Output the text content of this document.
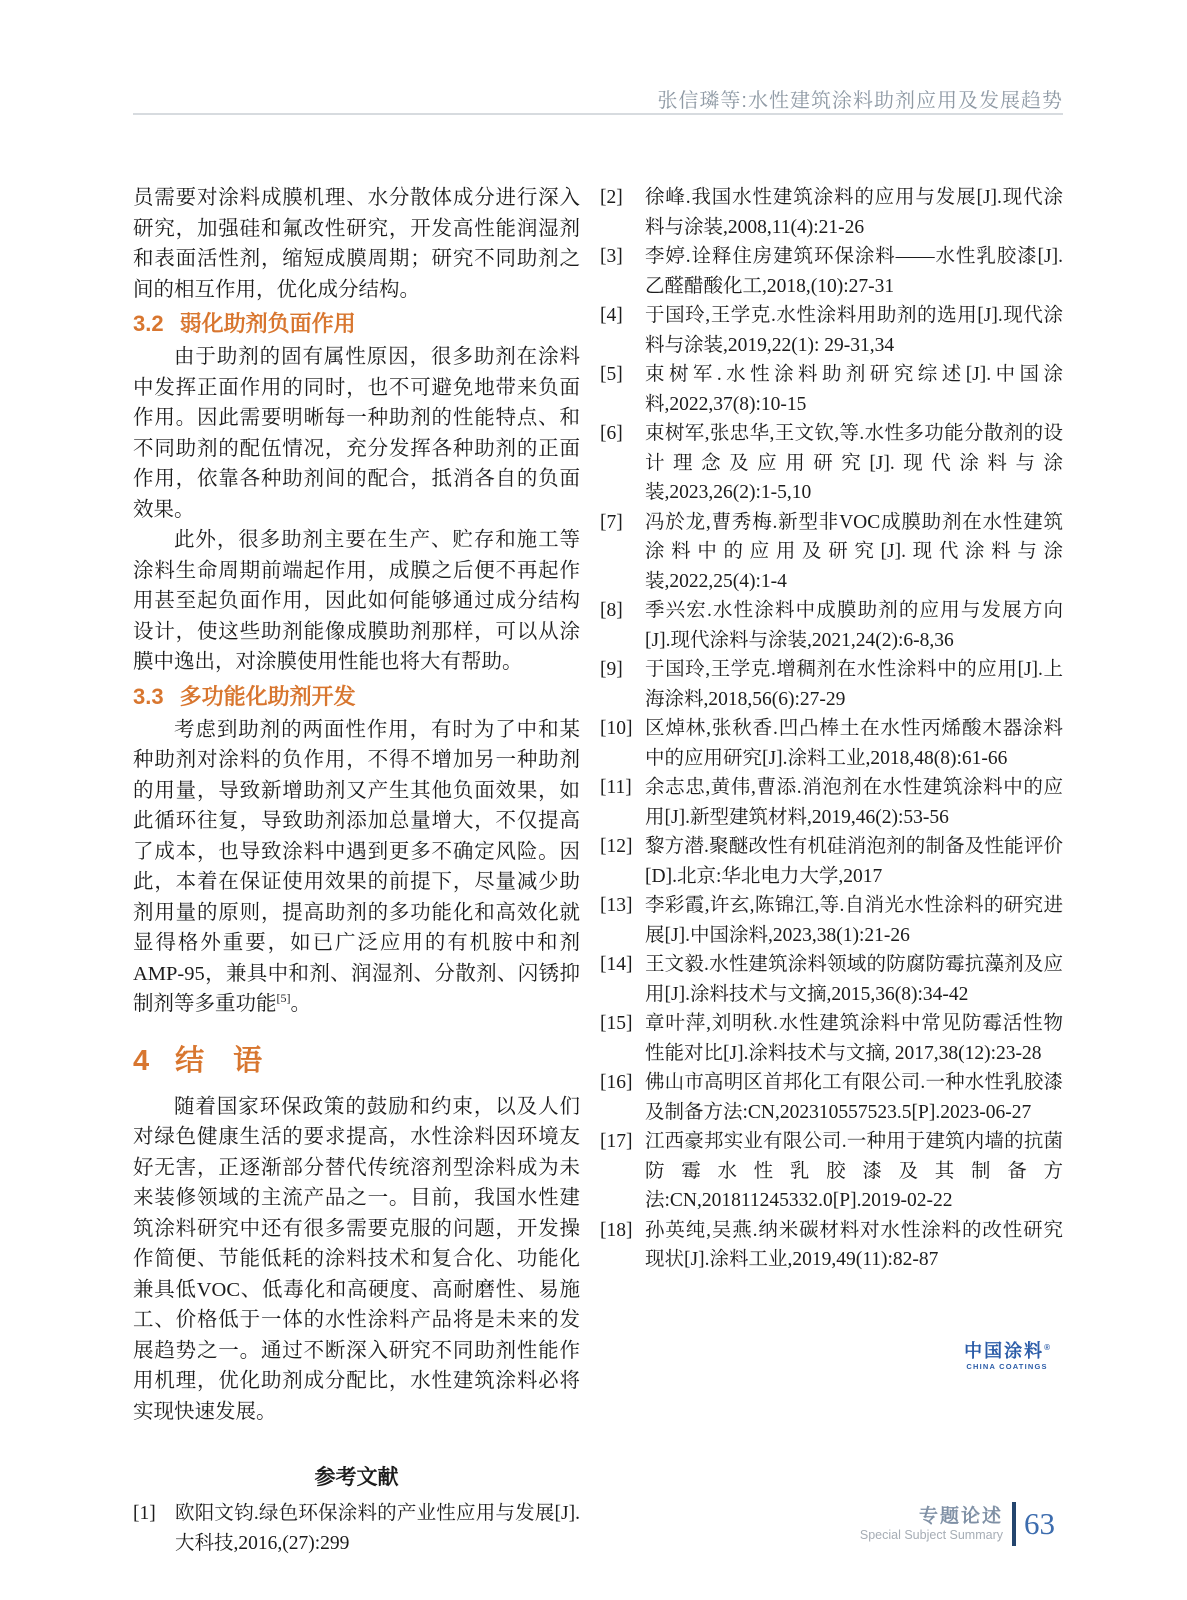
张信璘等:水性建筑涂料助剂应用及发展趋势

员需要对涂料成膜机理、水分散体成分进行深入研究，加强硅和氟改性研究，开发高性能润湿剂和表面活性剂，缩短成膜周期；研究不同助剂之间的相互作用，优化成分结构。

3.2 弱化助剂负面作用

由于助剂的固有属性原因，很多助剂在涂料中发挥正面作用的同时，也不可避免地带来负面作用。因此需要明晰每一种助剂的性能特点、和不同助剂的配伍情况，充分发挥各种助剂的正面作用，依靠各种助剂间的配合，抵消各自的负面效果。

此外，很多助剂主要在生产、贮存和施工等涂料生命周期前端起作用，成膜之后便不再起作用甚至起负面作用，因此如何能够通过成分结构设计，使这些助剂能像成膜助剂那样，可以从涂膜中逸出，对涂膜使用性能也将大有帮助。

3.3 多功能化助剂开发

考虑到助剂的两面性作用，有时为了中和某种助剂对涂料的负作用，不得不增加另一种助剂的用量，导致新增助剂又产生其他负面效果，如此循环往复，导致助剂添加总量增大，不仅提高了成本，也导致涂料中遇到更多不确定风险。因此，本着在保证使用效果的前提下，尽量减少助剂用量的原则，提高助剂的多功能化和高效化就显得格外重要，如已广泛应用的有机胺中和剂AMP-95，兼具中和剂、润湿剂、分散剂、闪锈抑制剂等多重功能[5]。

4 结　语

随着国家环保政策的鼓励和约束，以及人们对绿色健康生活的要求提高，水性涂料因环境友好无害，正逐渐部分替代传统溶剂型涂料成为未来装修领域的主流产品之一。目前，我国水性建筑涂料研究中还有很多需要克服的问题，开发操作简便、节能低耗的涂料技术和复合化、功能化兼具低VOC、低毒化和高硬度、高耐磨性、易施工、价格低于一体的水性涂料产品将是未来的发展趋势之一。通过不断深入研究不同助剂性能作用机理，优化助剂成分配比，水性建筑涂料必将实现快速发展。

参考文献
[1] 欧阳文钧.绿色环保涂料的产业性应用与发展[J].大科技,2016,(27):299
[2]	徐峰.我国水性建筑涂料的应用与发展[J].现代涂料与涂装,2008,11(4):21-26
[3]	李婷.诠释住房建筑环保涂料——水性乳胶漆[J].乙醛醋酸化工,2018,(10):27-31
[4]	于国玲,王学克.水性涂料用助剂的选用[J].现代涂料与涂装,2019,22(1): 29-31,34
[5]	束树军.水性涂料助剂研究综述[J].中国涂料,2022,37(8):10-15
[6]	束树军,张忠华,王文钦,等.水性多功能分散剂的设计理念及应用研究[J].现代涂料与涂装,2023,26(2):1-5,10
[7]	冯於龙,曹秀梅.新型非VOC成膜助剂在水性建筑涂料中的应用及研究[J].现代涂料与涂装,2022,25(4):1-4
[8]	季兴宏.水性涂料中成膜助剂的应用与发展方向[J].现代涂料与涂装,2021,24(2):6-8,36
[9]	于国玲,王学克.增稠剂在水性涂料中的应用[J].上海涂料,2018,56(6):27-29
[10] 区焯林,张秋香.凹凸棒土在水性丙烯酸木器涂料中的应用研究[J].涂料工业,2018,48(8):61-66
[11] 余志忠,黄伟,曹添.消泡剂在水性建筑涂料中的应用[J].新型建筑材料,2019,46(2):53-56
[12] 黎方潜.聚醚改性有机硅消泡剂的制备及性能评价[D].北京:华北电力大学,2017
[13] 李彩霞,许玄,陈锦江,等.自消光水性涂料的研究进展[J].中国涂料,2023,38(1):21-26
[14] 王文毅.水性建筑涂料领域的防腐防霉抗藻剂及应用[J].涂料技术与文摘,2015,36(8):34-42
[15] 章叶萍,刘明秋.水性建筑涂料中常见防霉活性物性能对比[J].涂料技术与文摘, 2017,38(12):23-28
[16] 佛山市高明区首邦化工有限公司.一种水性乳胶漆及制备方法:CN,202310557523.5[P].2023-06-27
[17] 江西豪邦实业有限公司.一种用于建筑内墙的抗菌防霉水性乳胶漆及其制备方法:CN,201811245332.0[P].2019-02-22
[18] 孙英纯,吴燕.纳米碳材料对水性涂料的改性研究现状[J].涂料工业,2019,49(11):82-87
中国涂料®
CHINA COATINGS
专题论述
Special Subject Summary 63
